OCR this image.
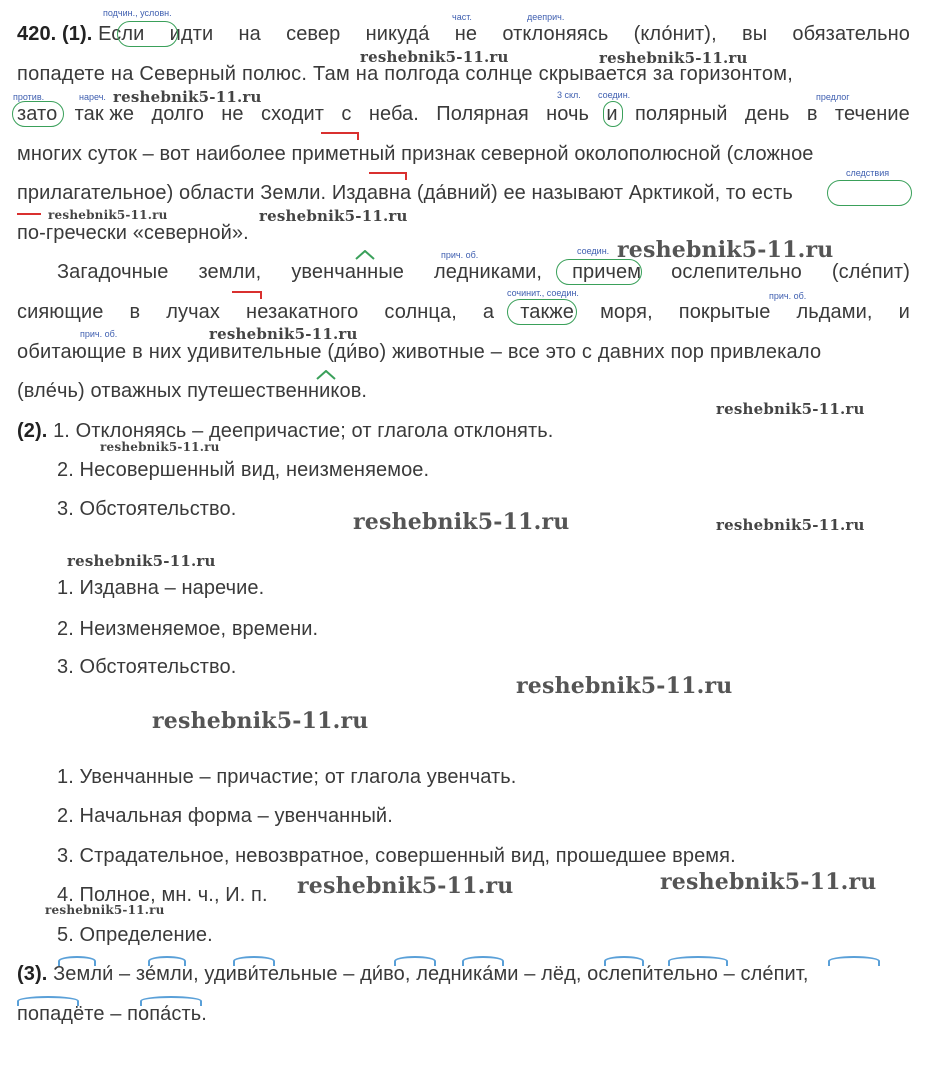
420. (1). Если идти на север никуда́ не отклоняясь (кло́нит), вы обязательно
попадете на Северный полюс. Там на полгода солнце скрывается за горизонтом,
зато так же долго не сходит с неба. Полярная ночь и полярный день в течение
многих суток – вот наиболее приметный признак северной околополюсной (сложное
прилагательное) области Земли. Издавна (да́вний) ее называют Арктикой, то есть
по-гречески «северной».
Загадочные земли, увенчанные ледниками, причем ослепительно (сле́пит)
сияющие в лучах незакатного солнца, а также моря, покрытые льдами, и
обитающие в них удивительные (ди́во) животные – все это с давних пор привлекало
(вле́чь) отважных путешественников.
(2). 1. Отклоняясь – деепричастие; от глагола отклонять.
2. Несовершенный вид, неизменяемое.
3. Обстоятельство.
1. Издавна – наречие.
2. Неизменяемое, времени.
3. Обстоятельство.
1. Увенчанные – причастие; от глагола увенчать.
2. Начальная форма – увенчанный.
3. Страдательное, невозвратное, совершенный вид, прошедшее время.
4. Полное, мн. ч., И. п.
5. Определение.
(3). Земли́ – зе́мли, удиви́тельные – ди́во, ледника́ми – лёд, ослепи́тельно – сле́пит,
попадёте – попа́сть.
подчин., условн.	част.	дееприч.
против.	нареч.	3 скл. соедин.	предлог
следствия
прич. об.	соедин.
сочинит., соедин.	прич. об.
прич. об.
reshebnik5-11.ru	reshebnik5-11.ru
reshebnik5-11.ru
reshebnik5-11.ru	reshebnik5-11.ru
reshebnik5-11.ru
reshebnik5-11.ru
reshebnik5-11.ru
reshebnik5-11.ru
reshebnik5-11.ru	reshebnik5-11.ru
reshebnik5-11.ru
reshebnik5-11.ru
reshebnik5-11.ru
reshebnik5-11.ru	reshebnik5-11.ru
reshebnik5-11.ru
